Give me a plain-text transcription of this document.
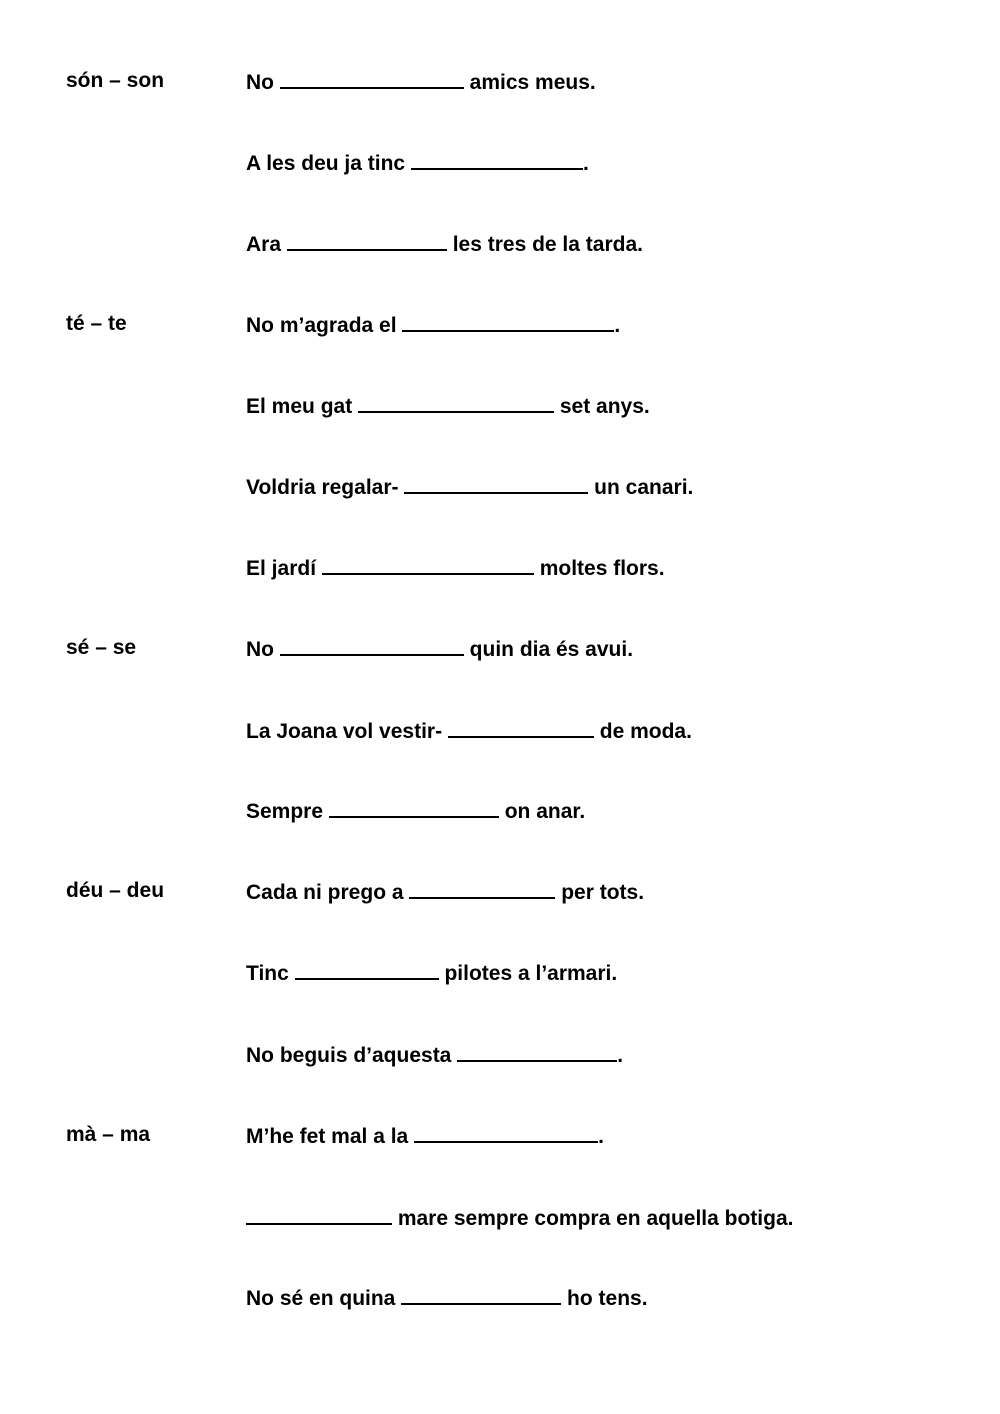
són – son	No	amics meus.
A les deu ja tinc	.
Ara	les tres de la tarda.
té – te	No m’agrada el	.
El meu gat	set anys.
Voldria regalar-	un canari.
El jardí	moltes flors.
sé – se	No	quin dia és avui.
La Joana vol vestir-	de moda.
Sempre	on anar.
déu – deu	Cada ni prego a	per tots.
Tinc	pilotes a l’armari.
No beguis d’aquesta	.
mà – ma	M’he fet mal a la	.
mare sempre compra en aquella botiga.
No sé en quina	ho tens.
